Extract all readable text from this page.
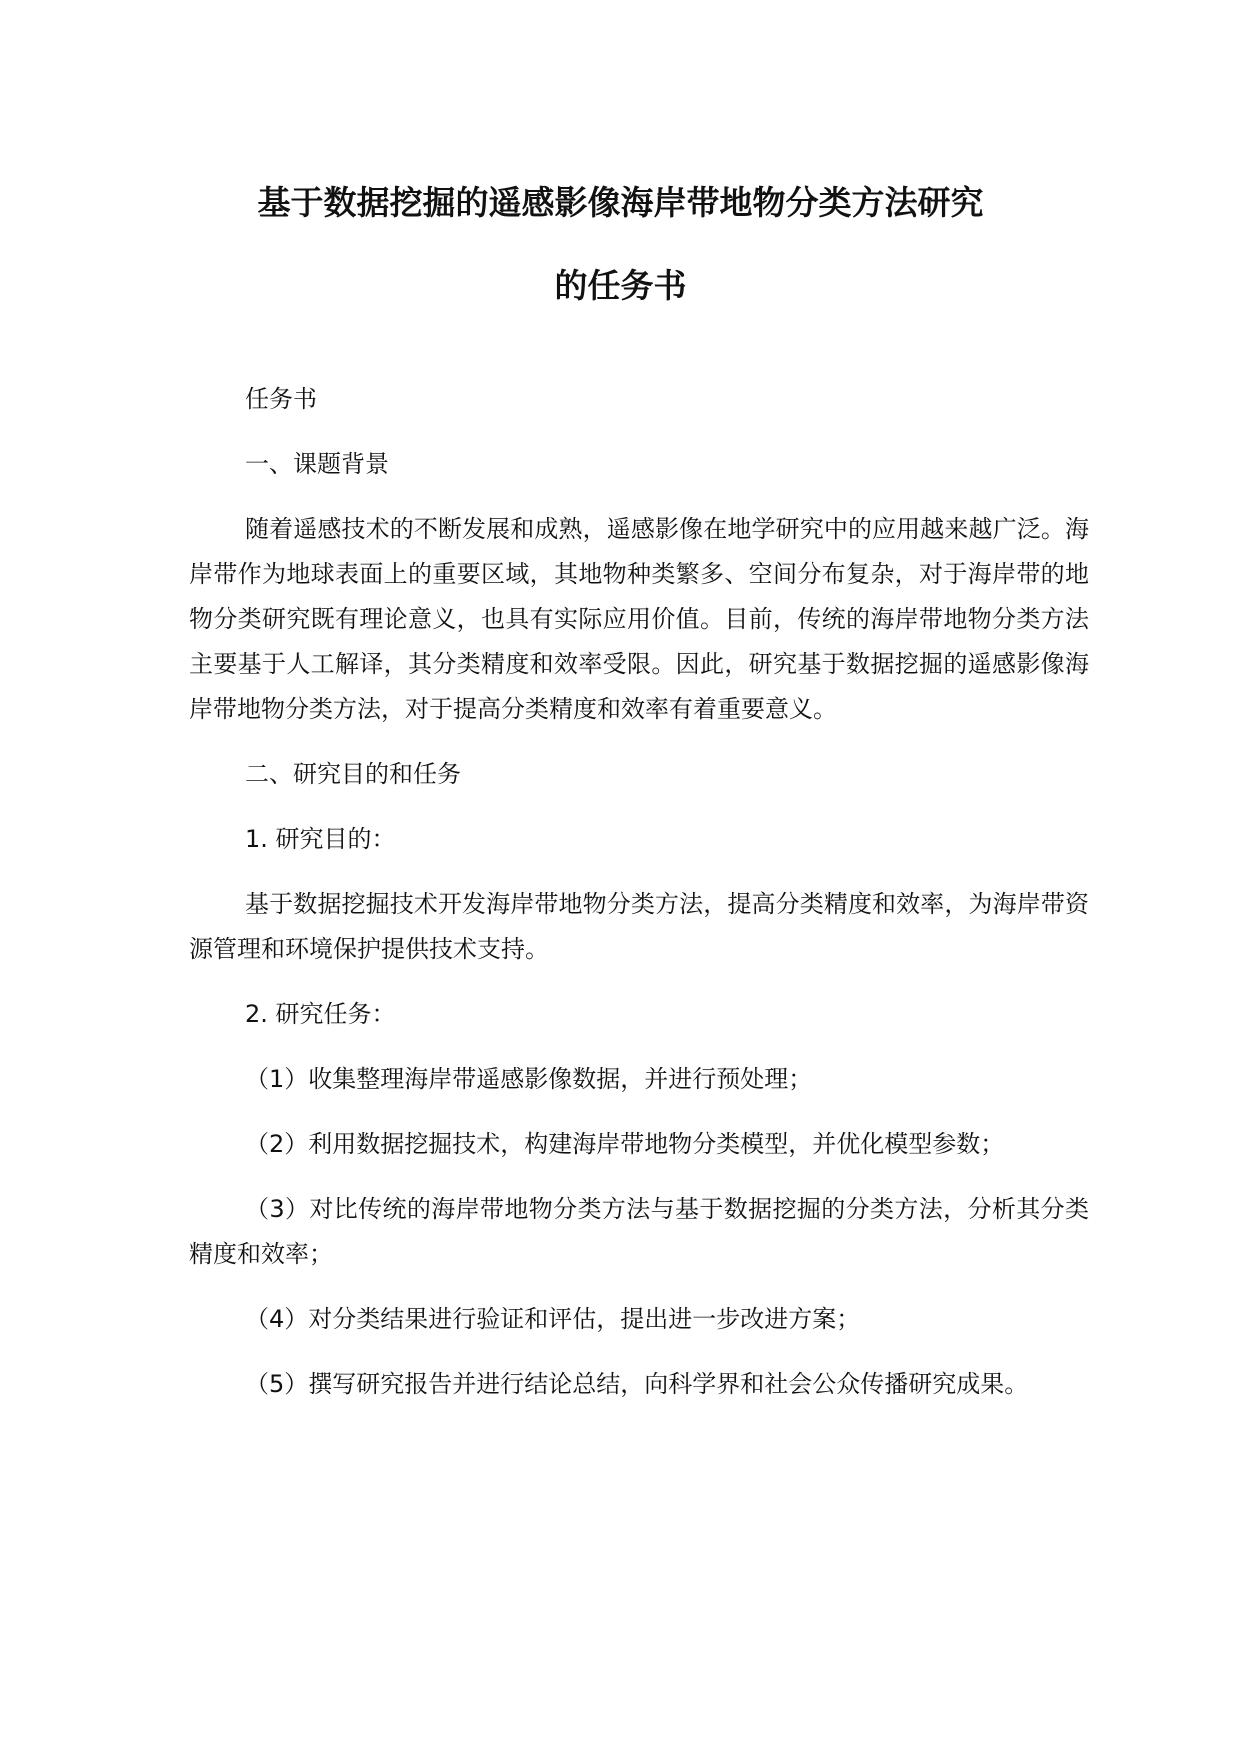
基于数据挖掘的遥感影像海岸带地物分类方法研究
的任务书

任务书

一、课题背景

随着遥感技术的不断发展和成熟，遥感影像在地学研究中的应用越来越广泛。海岸带作为地球表面上的重要区域，其地物种类繁多、空间分布复杂，对于海岸带的地物分类研究既有理论意义，也具有实际应用价值。目前，传统的海岸带地物分类方法主要基于人工解译，其分类精度和效率受限。因此，研究基于数据挖掘的遥感影像海岸带地物分类方法，对于提高分类精度和效率有着重要意义。

二、研究目的和任务

1. 研究目的：

基于数据挖掘技术开发海岸带地物分类方法，提高分类精度和效率，为海岸带资源管理和环境保护提供技术支持。

2. 研究任务：

（1）收集整理海岸带遥感影像数据，并进行预处理；

（2）利用数据挖掘技术，构建海岸带地物分类模型，并优化模型参数；

（3）对比传统的海岸带地物分类方法与基于数据挖掘的分类方法，分析其分类精度和效率；

（4）对分类结果进行验证和评估，提出进一步改进方案；

（5）撰写研究报告并进行结论总结，向科学界和社会公众传播研究成果。
